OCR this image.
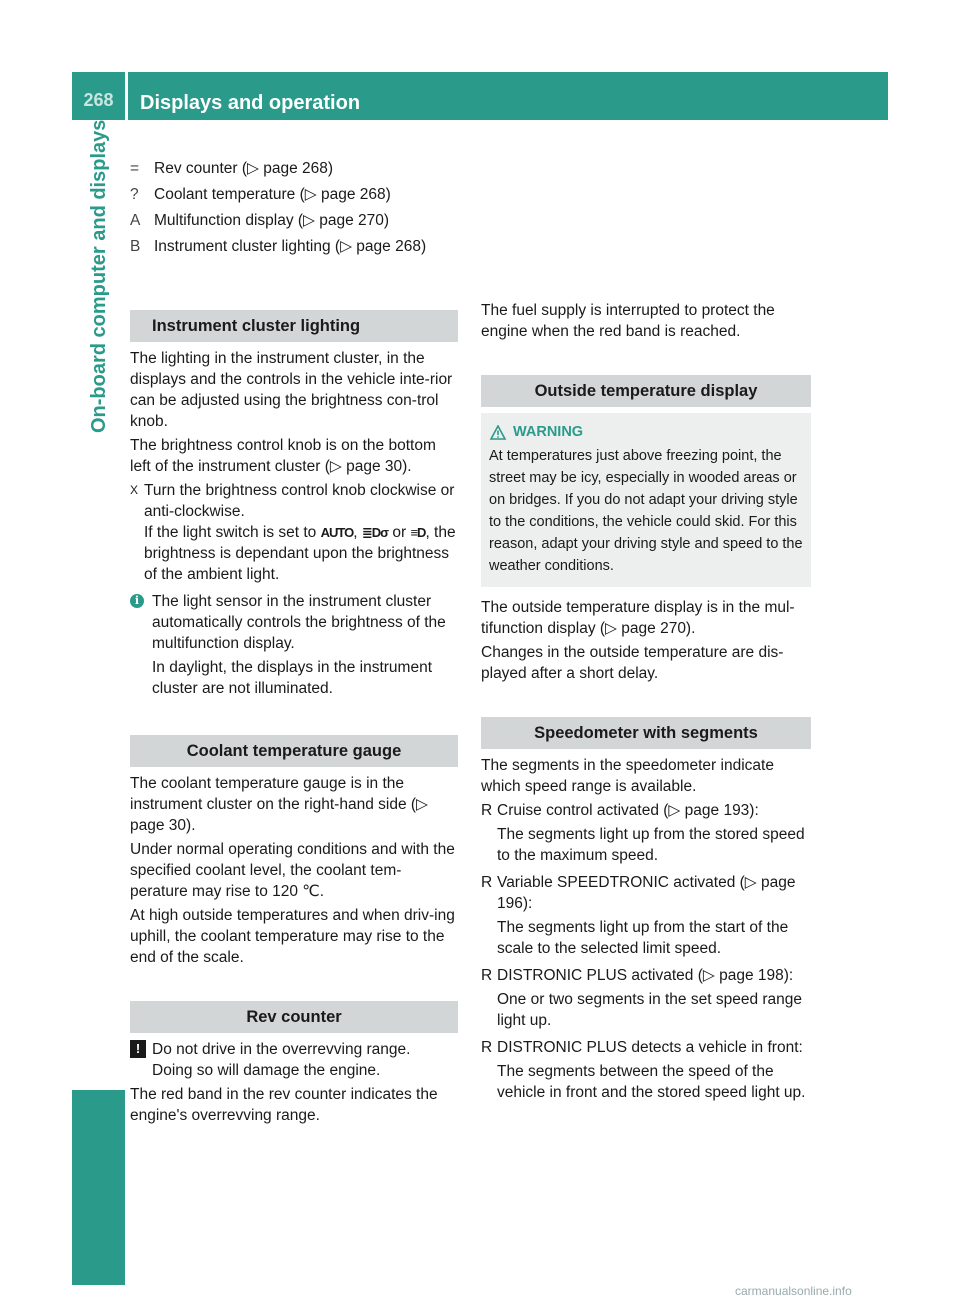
268	Displays and operation
On-board computer and displays	= Rev counter (▷ page 268)
? Coolant temperature (▷ page 268)
A Multifunction display (▷ page 270)
B Instrument cluster lighting (▷ page 268)
Instrument cluster lighting

The lighting in the instrument cluster, in the displays and the controls in the vehicle inte-rior can be adjusted using the brightness con-trol knob.

The brightness control knob is on the bottom left of the instrument cluster (▷ page 30).

X Turn the brightness control knob clockwise or anti-clockwise.
If the light switch is set to AUTO, ≣Dσ or ≡D, the brightness is dependant upon the brightness of the ambient light.
i The light sensor in the instrument cluster automatically controls the brightness of the multifunction display.

In daylight, the displays in the instrument cluster are not illuminated.

Coolant temperature gauge

The coolant temperature gauge is in the instrument cluster on the right-hand side (▷ page 30).

Under normal operating conditions and with the specified coolant level, the coolant tem-perature may rise to 120 ℃.

At high outside temperatures and when driv-ing uphill, the coolant temperature may rise to the end of the scale.

Rev counter
! Do not drive in the overrevving range.
Doing so will damage the engine.

The red band in the rev counter indicates the engine's overrevving range.

The fuel supply is interrupted to protect the engine when the red band is reached.

Outside temperature display
WARNING
At temperatures just above freezing point, the street may be icy, especially in wooded areas or on bridges. If you do not adapt your driving style to the conditions, the vehicle could skid. For this reason, adapt your driving style and speed to the weather conditions.

The outside temperature display is in the mul-tifunction display (▷ page 270).

Changes in the outside temperature are dis-played after a short delay.

Speedometer with segments

The segments in the speedometer indicate which speed range is available.

R Cruise control activated (▷ page 193):

The segments light up from the stored speed to the maximum speed.

R Variable SPEEDTRONIC activated (▷ page 196):

The segments light up from the start of the scale to the selected limit speed.

R DISTRONIC PLUS activated (▷ page 198):

One or two segments in the set speed range light up.

R DISTRONIC PLUS detects a vehicle in front:

The segments between the speed of the vehicle in front and the stored speed light up.

carmanualsonline.info
